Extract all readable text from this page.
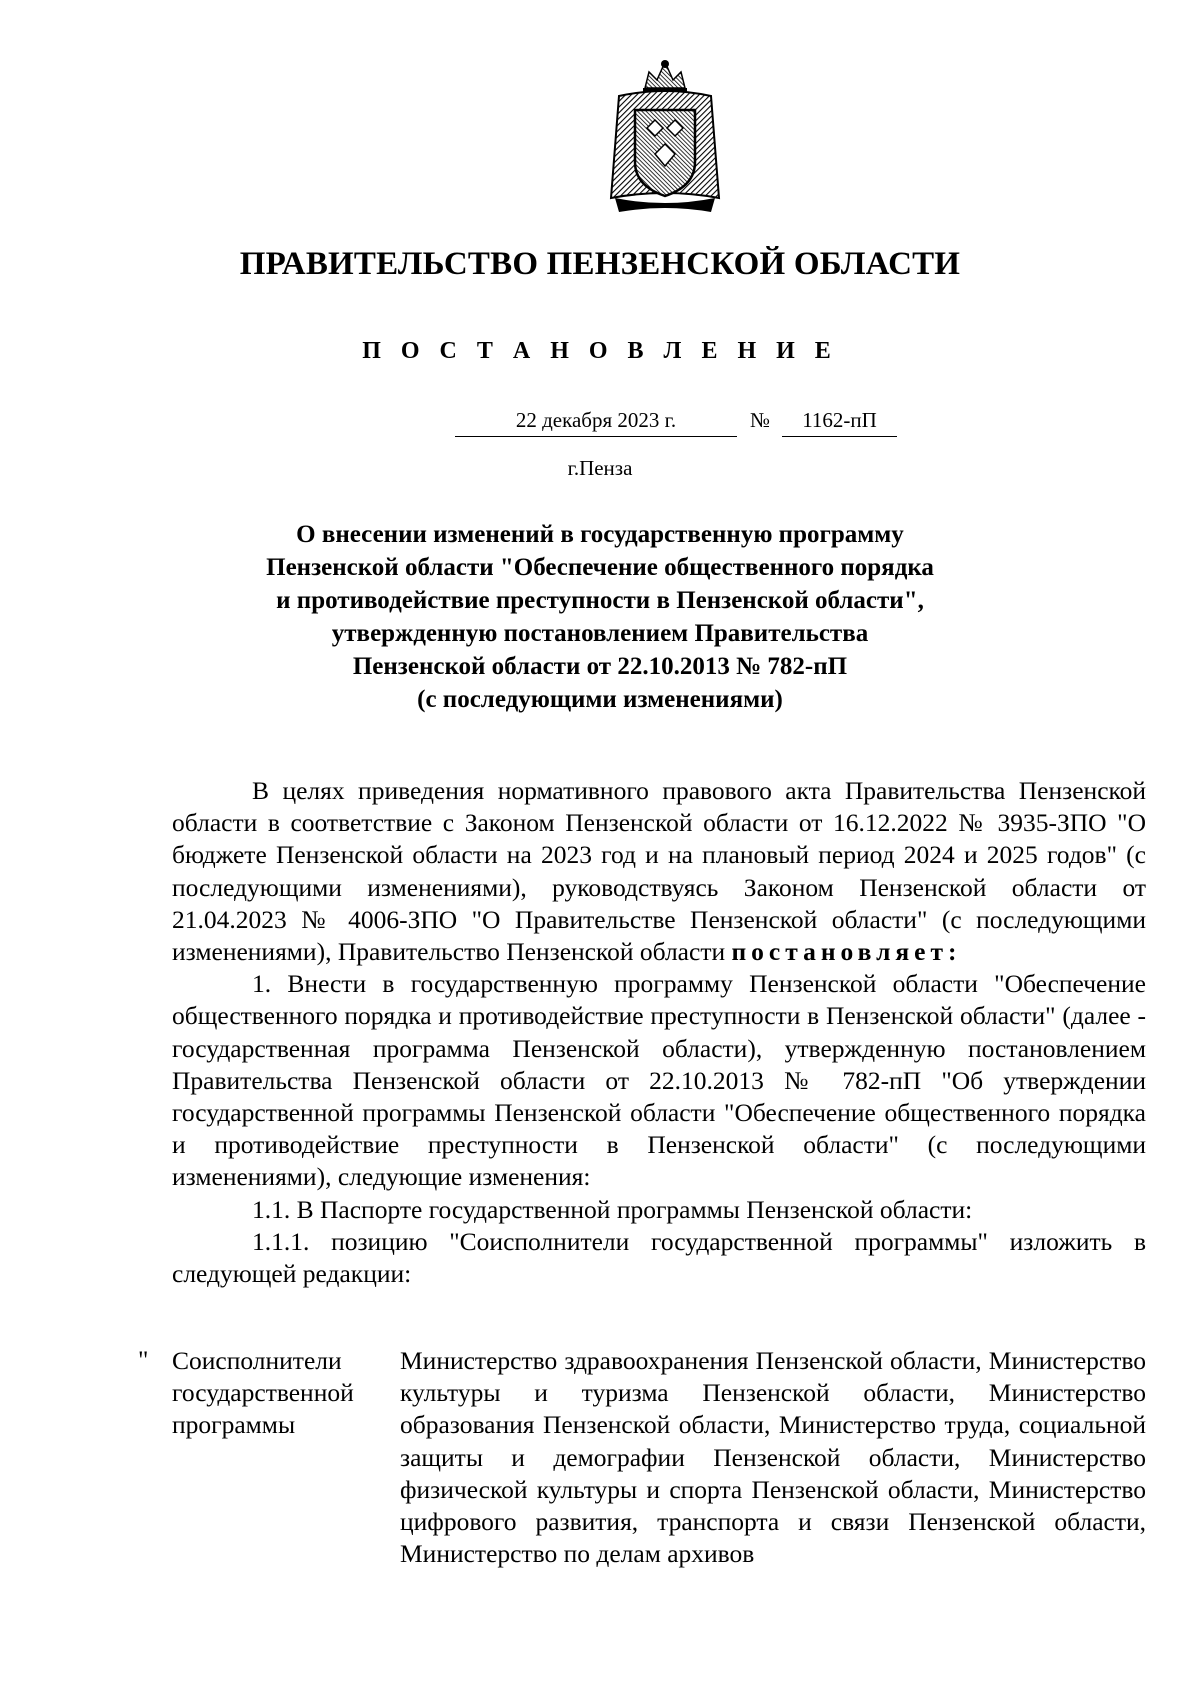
ПРАВИТЕЛЬСТВО ПЕНЗЕНСКОЙ ОБЛАСТИ
П О С Т А Н О В Л Е Н И Е
22 декабря 2023 г.	№	1162-пП
г.Пенза
О внесении изменений в государственную программу
Пензенской области "Обеспечение общественного порядка
и противодействие преступности в Пензенской области",
утвержденную постановлением Правительства
Пензенской области от 22.10.2013 № 782-пП
(с последующими изменениями)

В целях приведения нормативного правового акта Правительства Пензенской области в соответствие с Законом Пензенской области от 16.12.2022 № 3935-ЗПО "О бюджете Пензенской области на 2023 год и на плановый период 2024 и 2025 годов" (с последующими изменениями), руководствуясь Законом Пензенской области от 21.04.2023 № 4006-ЗПО "О Правительстве Пензенской области" (с последующими изменениями), Правительство Пензенской области постановляет:

1. Внести в государственную программу Пензенской области "Обеспечение общественного порядка и противодействие преступности в Пензенской области" (далее - государственная программа Пензенской области), утвержденную постановлением Правительства Пензенской области от 22.10.2013 № 782-пП "Об утверждении государственной программы Пензенской области "Обеспечение общественного порядка и противодействие преступности в Пензенской области" (с последующими изменениями), следующие изменения:

1.1. В Паспорте государственной программы Пензенской области:

1.1.1. позицию "Соисполнители государственной программы" изложить в следующей редакции:

" Соисполнители
государственной
программы
Министерство здравоохранения Пензенской области, Министерство культуры и туризма Пензенской области, Министерство образования Пензенской области, Министерство труда, социальной защиты и демографии Пензенской области, Министерство физической культуры и спорта Пензенской области, Министерство цифрового развития, транспорта и связи Пензенской области, Министерство по делам архивов
